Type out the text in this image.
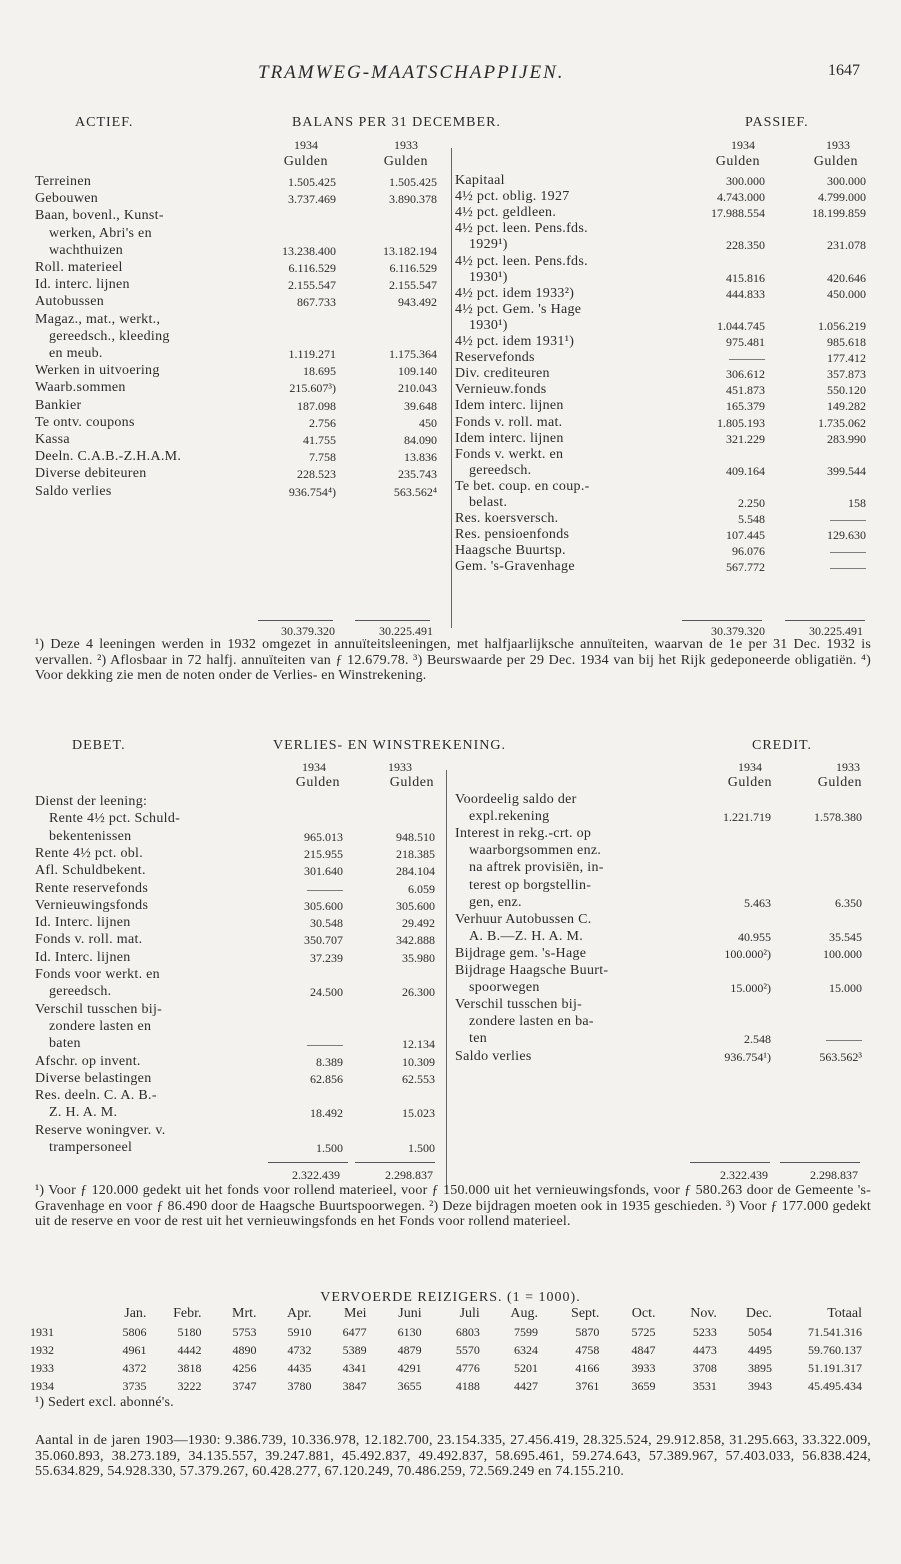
TRAMWEG-MAATSCHAPPIJEN.	1647
ACTIEF.	BALANS PER 31 DECEMBER.	PASSIEF.
1934	1933
Gulden	Gulden
1934	1933
Gulden	Gulden
Terreinen	1.505.425	1.505.425
Gebouwen	3.737.469	3.890.378
Baan, bovenl., Kunst-
werken, Abri's en
wachthuizen	13.238.400	13.182.194
Roll. materieel	6.116.529	6.116.529
Id. interc. lijnen	2.155.547	2.155.547
Autobussen	867.733	943.492
Magaz., mat., werkt.,
gereedsch., kleeding
en meub.	1.119.271	1.175.364
Werken in uitvoering	18.695	109.140
Waarb.sommen	215.607³)	210.043
Bankier	187.098	39.648
Te ontv. coupons	2.756	450
Kassa	41.755	84.090
Deeln. C.A.B.-Z.H.A.M.	7.758	13.836
Diverse debiteuren	228.523	235.743
Saldo verlies	936.754⁴)	563.562⁴
Kapitaal	300.000	300.000
4½ pct. oblig. 1927	4.743.000	4.799.000
4½ pct. geldleen.	17.988.554	18.199.859
4½ pct. leen. Pens.fds.
1929¹)	228.350	231.078
4½ pct. leen. Pens.fds.
1930¹)	415.816	420.646
4½ pct. idem 1933²)	444.833	450.000
4½ pct. Gem. 's Hage
1930¹)	1.044.745	1.056.219
4½ pct. idem 1931¹)	975.481	985.618
Reservefonds	———	177.412
Div. crediteuren	306.612	357.873
Vernieuw.fonds	451.873	550.120
Idem interc. lijnen	165.379	149.282
Fonds v. roll. mat.	1.805.193	1.735.062
Idem interc. lijnen	321.229	283.990
Fonds v. werkt. en
gereedsch.	409.164	399.544
Te bet. coup. en coup.-
belast.	2.250	158
Res. koersversch.	5.548	———
Res. pensioenfonds	107.445	129.630
Haagsche Buurtsp.	96.076	———
Gem. 's-Gravenhage	567.772	———
30.379.320	30.225.491	30.379.320	30.225.491
¹) Deze 4 leeningen werden in 1932 omgezet in annuïteitsleeningen, met halfjaarlijksche annuïteiten, waarvan de 1e per 31 Dec. 1932 is vervallen. ²) Aflosbaar in 72 halfj. annuïteiten van ƒ 12.679.78. ³) Beurswaarde per 29 Dec. 1934 van bij het Rijk gedeponeerde obligatiën. ⁴) Voor dekking zie men de noten onder de Verlies- en Winstrekening.
DEBET.	VERLIES- EN WINSTREKENING.	CREDIT.
1934	1933
Gulden	Gulden
1934	1933
Gulden	Gulden
Dienst der leening:
Rente 4½ pct. Schuld-
bekentenissen	965.013	948.510
Rente 4½ pct. obl.	215.955	218.385
Afl. Schuldbekent.	301.640	284.104
Rente reservefonds	———	6.059
Vernieuwingsfonds	305.600	305.600
Id. Interc. lijnen	30.548	29.492
Fonds v. roll. mat.	350.707	342.888
Id. Interc. lijnen	37.239	35.980
Fonds voor werkt. en
gereedsch.	24.500	26.300
Verschil tusschen bij-
zondere lasten en
baten	———	12.134
Afschr. op invent.	8.389	10.309
Diverse belastingen	62.856	62.553
Res. deeln. C. A. B.-
Z. H. A. M.	18.492	15.023
Reserve woningver. v.
trampersoneel	1.500	1.500
Voordeelig saldo der
expl.rekening	1.221.719	1.578.380
Interest in rekg.-crt. op
waarborgsommen enz.
na aftrek provisiën, in-
terest op borgstellin-
gen, enz.	5.463	6.350
Verhuur Autobussen C.
A. B.—Z. H. A. M.	40.955	35.545
Bijdrage gem. 's-Hage	100.000²)	100.000
Bijdrage Haagsche Buurt-
spoorwegen	15.000²)	15.000
Verschil tusschen bij-
zondere lasten en ba-
ten	2.548	———
Saldo verlies	936.754¹)	563.562³
2.322.439	2.298.837	2.322.439	2.298.837
¹) Voor ƒ 120.000 gedekt uit het fonds voor rollend materieel, voor ƒ 150.000 uit het vernieuwingsfonds, voor ƒ 580.263 door de Gemeente 's-Gravenhage en voor ƒ 86.490 door de Haagsche Buurtspoorwegen. ²) Deze bijdragen moeten ook in 1935 geschieden. ³) Voor ƒ 177.000 gedekt uit de reserve en voor de rest uit het vernieuwingsfonds en het Fonds voor rollend materieel.
VERVOERDE REIZIGERS. (1 = 1000).
	Jan.	Febr.	Mrt.	Apr.	Mei	Juni	Juli	Aug.	Sept.	Oct.	Nov.	Dec.	Totaal
1931	5806	5180	5753	5910	6477	6130	6803	7599	5870	5725	5233	5054	71.541.316
1932	4961	4442	4890	4732	5389	4879	5570	6324	4758	4847	4473	4495	59.760.137
1933	4372	3818	4256	4435	4341	4291	4776	5201	4166	3933	3708	3895	51.191.317
1934	3735	3222	3747	3780	3847	3655	4188	4427	3761	3659	3531	3943	45.495.434
¹) Sedert excl. abonné's.
Aantal in de jaren 1903—1930: 9.386.739, 10.336.978, 12.182.700, 23.154.335, 27.456.419, 28.325.524, 29.912.858, 31.295.663, 33.322.009, 35.060.893, 38.273.189, 34.135.557, 39.247.881, 45.492.837, 49.492.837, 58.695.461, 59.274.643, 57.389.967, 57.403.033, 56.838.424, 55.634.829, 54.928.330, 57.379.267, 60.428.277, 67.120.249, 70.486.259, 72.569.249 en 74.155.210.
